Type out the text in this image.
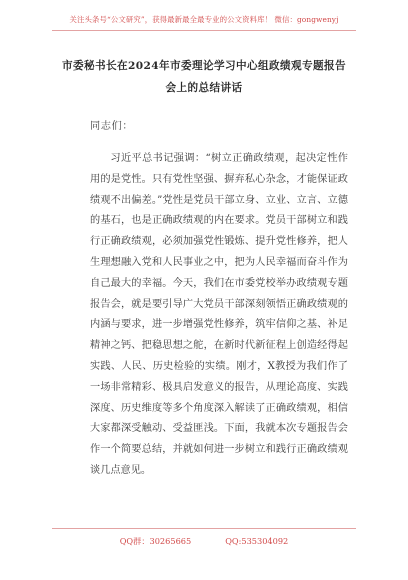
关注头条号“公文研究”，获得最新最全最专业的公文资料库！ 微信：gongwenyj
市委秘书长在2024年市委理论学习中心组政绩观专题报告
会上的总结讲话
同志们：

习近平总书记强调：“树立正确政绩观，起决定性作用的是党性。只有党性坚强、摒弃私心杂念，才能保证政绩观不出偏差。”党性是党员干部立身、立业、立言、立德的基石，也是正确政绩观的内在要求。党员干部树立和践行正确政绩观，必须加强党性锻炼、提升党性修养，把人生理想融入党和人民事业之中，把为人民幸福而奋斗作为自己最大的幸福。今天，我们在市委党校举办政绩观专题报告会，就是要引导广大党员干部深刻领悟正确政绩观的内涵与要求，进一步增强党性修养，筑牢信仰之基、补足精神之钙、把稳思想之舵，在新时代新征程上创造经得起实践、人民、历史检验的实绩。刚才，X教授为我们作了一场非常精彩、极具启发意义的报告，从理论高度、实践深度、历史维度等多个角度深入解读了正确政绩观，相信大家都深受触动、受益匪浅。下面，我就本次专题报告会作一个简要总结，并就如何进一步树立和践行正确政绩观谈几点意见。

QQ群：30265665	QQ:535304092
